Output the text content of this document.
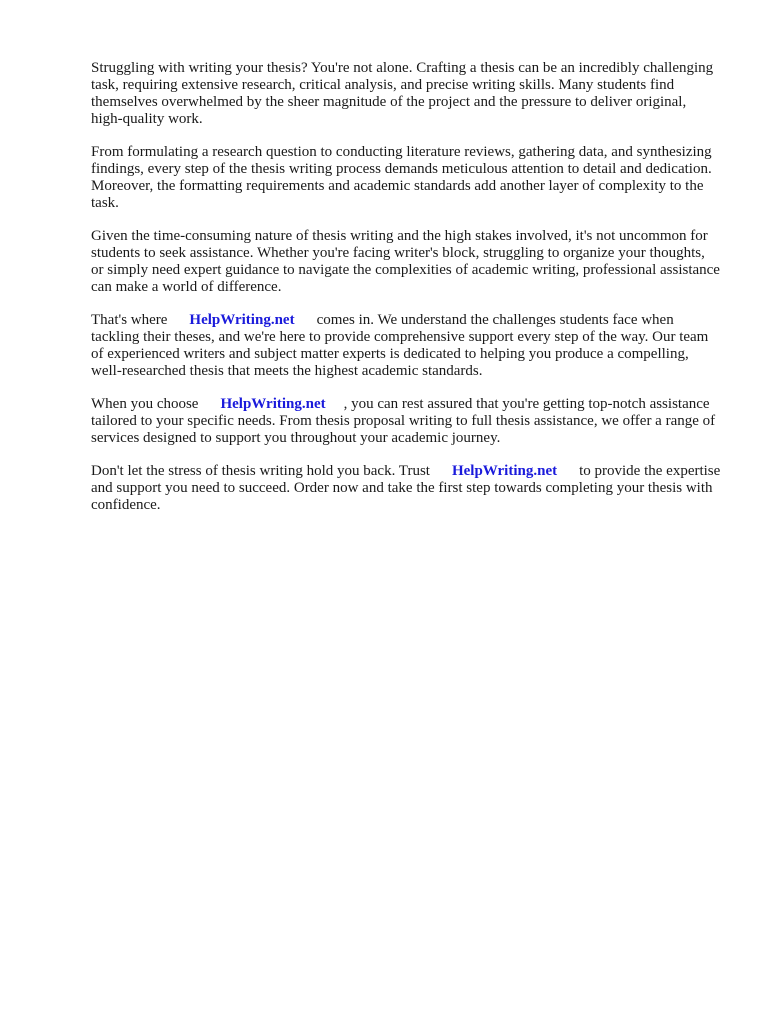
Struggling with writing your thesis? You're not alone. Crafting a thesis can be an incredibly challenging task, requiring extensive research, critical analysis, and precise writing skills. Many students find themselves overwhelmed by the sheer magnitude of the project and the pressure to deliver original, high-quality work.

From formulating a research question to conducting literature reviews, gathering data, and synthesizing findings, every step of the thesis writing process demands meticulous attention to detail and dedication. Moreover, the formatting requirements and academic standards add another layer of complexity to the task.

Given the time-consuming nature of thesis writing and the high stakes involved, it's not uncommon for students to seek assistance. Whether you're facing writer's block, struggling to organize your thoughts, or simply need expert guidance to navigate the complexities of academic writing, professional assistance can make a world of difference.

That's where HelpWriting.net comes in. We understand the challenges students face when tackling their theses, and we're here to provide comprehensive support every step of the way. Our team of experienced writers and subject matter experts is dedicated to helping you produce a compelling, well-researched thesis that meets the highest academic standards.

When you choose HelpWriting.net , you can rest assured that you're getting top-notch assistance tailored to your specific needs. From thesis proposal writing to full thesis assistance, we offer a range of services designed to support you throughout your academic journey.

Don't let the stress of thesis writing hold you back. Trust HelpWriting.net to provide the expertise and support you need to succeed. Order now and take the first step towards completing your thesis with confidence.
